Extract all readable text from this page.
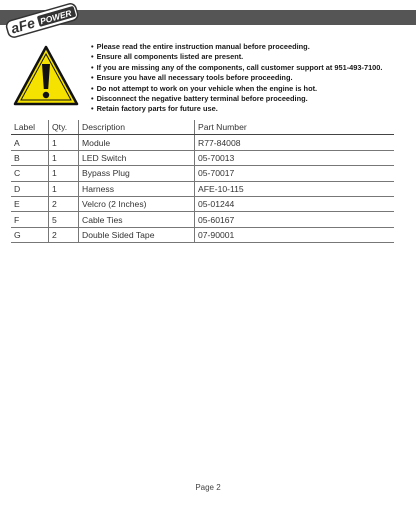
aFe POWER
• Please read the entire instruction manual before proceeding.
• Ensure all components listed are present.
• If you are missing any of the components, call customer support at 951-493-7100.
• Ensure you have all necessary tools before proceeding.
• Do not attempt to work on your vehicle when the engine is hot.
• Disconnect the negative battery terminal before proceeding.
• Retain factory parts for future use.
Label	Qty.	Description	Part Number
A	1	Module	R77-84008
B	1	LED Switch	05-70013
C	1	Bypass Plug	05-70017
D	1	Harness	AFE-10-115
E	2	Velcro (2 Inches)	05-01244
F	5	Cable Ties	05-60167
G	2	Double Sided Tape	07-90001
Page 2
